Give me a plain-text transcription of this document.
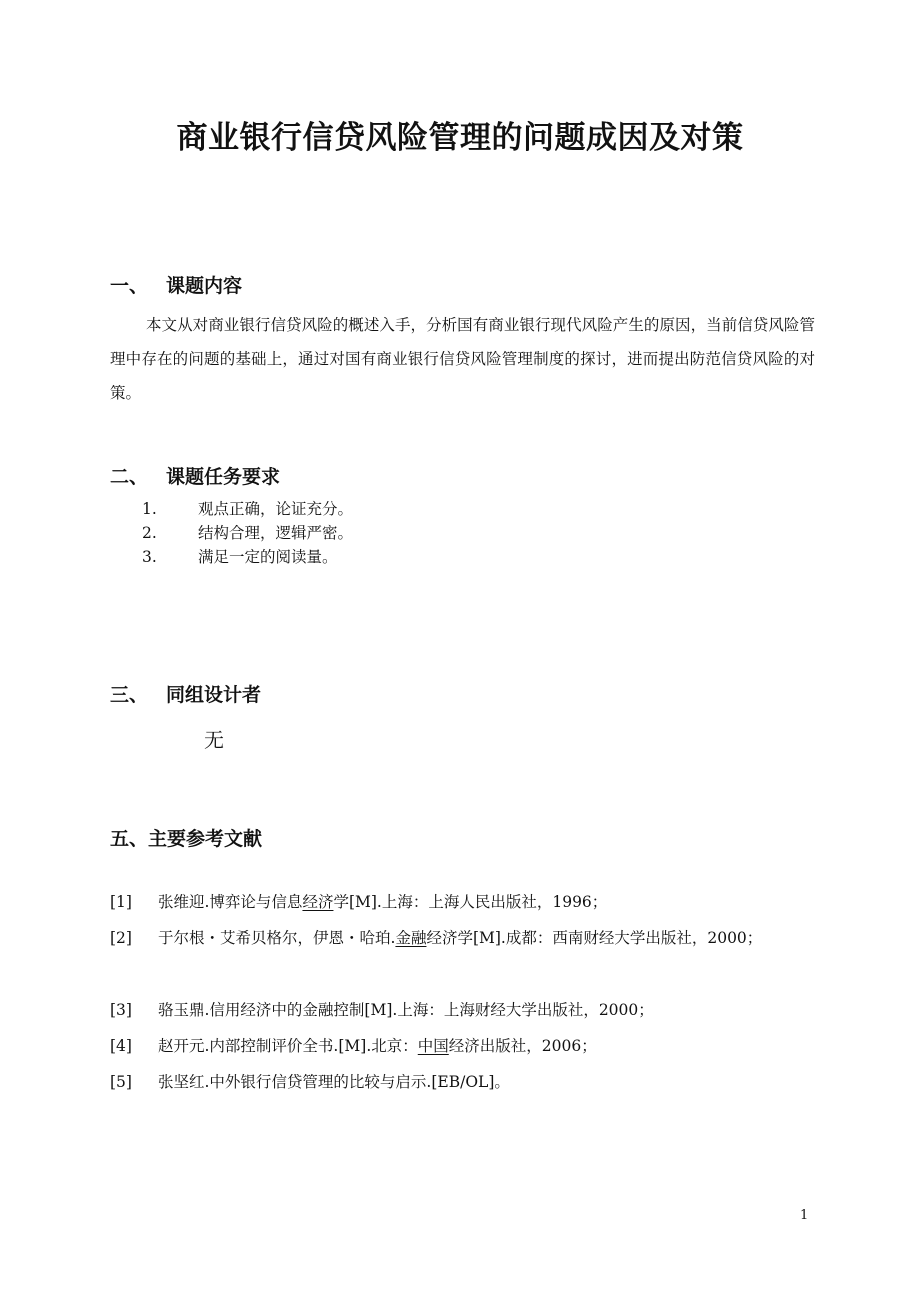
商业银行信贷风险管理的问题成因及对策
一、 课题内容
本文从对商业银行信贷风险的概述入手，分析国有商业银行现代风险产生的原因，当前信贷风险管理中存在的问题的基础上，通过对国有商业银行信贷风险管理制度的探讨，进而提出防范信贷风险的对策。
二、 课题任务要求
1.	观点正确，论证充分。
2.	结构合理，逻辑严密。
3.	满足一定的阅读量。
三、 同组设计者
无
五、主要参考文献
[1]	张维迎.博弈论与信息经济学[M].上海：上海人民出版社，1996；
[2]	于尔根・艾希贝格尔，伊恩・哈珀.金融经济学[M].成都：西南财经大学出版社，2000；
[3]	骆玉鼎.信用经济中的金融控制[M].上海：上海财经大学出版社，2000；
[4]	赵开元.内部控制评价全书.[M].北京：中国经济出版社，2006；
[5]	张坚红.中外银行信贷管理的比较与启示.[EB/OL]。
1
